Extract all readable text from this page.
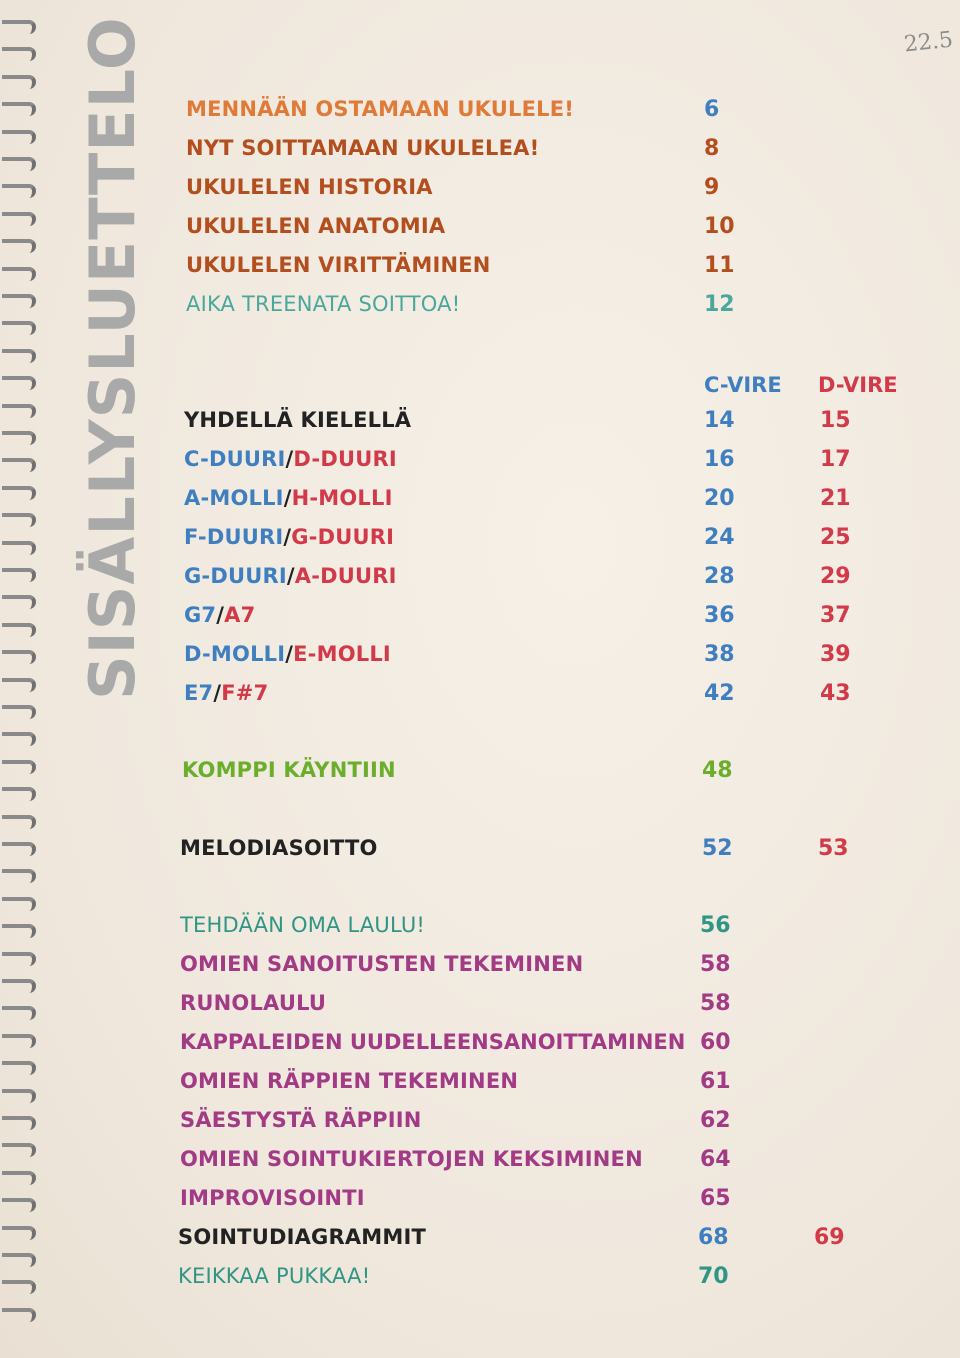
SISÄLLYSLUETTELO	22.5
MENNÄÄN OSTAMAAN UKULELE!	6
NYT SOITTAMAAN UKULELEA!	8
UKULELEN HISTORIA	9
UKULELEN ANATOMIA	10
UKULELEN VIRITTÄMINEN	11
AIKA TREENATA SOITTOA!	12
C-VIRE D-VIRE
YHDELLÄ KIELELLÄ	14	15
C-DUURI/D-DUURI	16	17
A-MOLLI/H-MOLLI	20	21
F-DUURI/G-DUURI	24	25
G-DUURI/A-DUURI	28	29
G7/A7	36	37
D-MOLLI/E-MOLLI	38	39
E7/F#7	42	43
KOMPPI KÄYNTIIN	48
MELODIASOITTO	52	53
TEHDÄÄN OMA LAULU!	56
OMIEN SANOITUSTEN TEKEMINEN	58
RUNOLAULU	58
KAPPALEIDEN UUDELLEENSANOITTAMINEN 60
OMIEN RÄPPIEN TEKEMINEN	61
SÄESTYSTÄ RÄPPIIN	62
OMIEN SOINTUKIERTOJEN KEKSIMINEN	64
IMPROVISOINTI	65
SOINTUDIAGRAMMIT	68	69
KEIKKAA PUKKAA!	70
